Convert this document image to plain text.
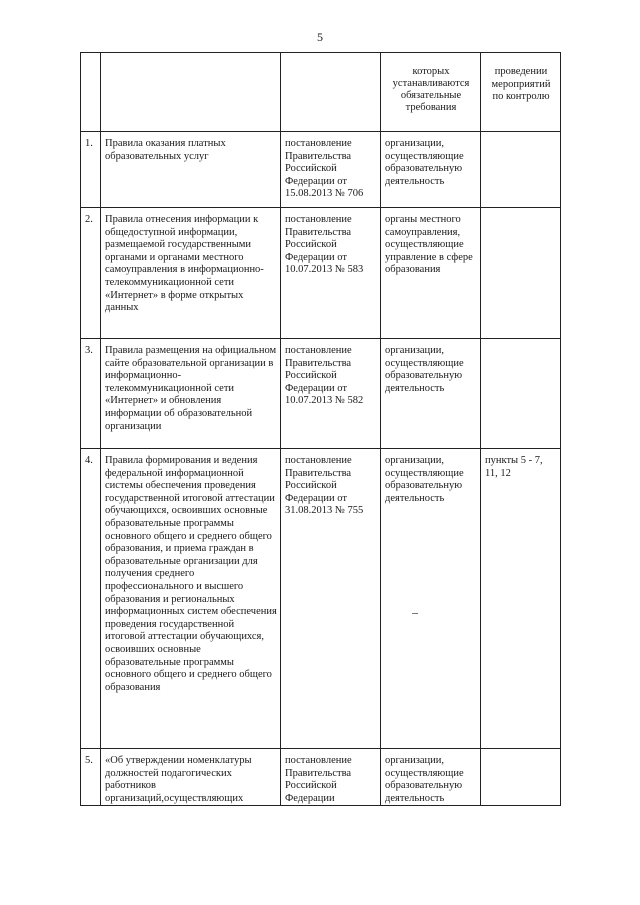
5
			которых устанавливаются обязательные требования	проведении мероприятий по контролю
1.	Правила оказания платных образовательных услуг	постановление Правительства Российской Федерации от 15.08.2013 № 706	организации, осуществляющие образовательную деятельность	
2.	Правила отнесения информации к общедоступной информации, размещаемой государственными органами и органами местного самоуправления в информационно-телекоммуникационной сети «Интернет» в форме открытых данных	постановление Правительства Российской Федерации от 10.07.2013 № 583	органы местного самоуправления, осуществляющие управление в сфере образования	
3.	Правила размещения на официальном сайте образовательной организации в информационно-телекоммуникационной сети «Интернет» и обновления информации об образовательной организации	постановление Правительства Российской Федерации от 10.07.2013 № 582	организации, осуществляющие образовательную деятельность	
4.	Правила формирования и ведения федеральной информационной системы обеспечения проведения государственной итоговой аттестации обучающихся, освоивших основные образовательные программы основного общего и среднего общего образования, и приема граждан в образовательные организации для получения среднего профессионального и высшего образования и региональных информационных систем обеспечения проведения государственной итоговой аттестации обучающихся, освоивших основные образовательные программы основного общего и среднего общего образования	постановление Правительства Российской Федерации от 31.08.2013 № 755	организации, осуществляющие образовательную деятельность	пункты 5 - 7, 11, 12
5.	«Об утверждении номенклатуры должностей подагогических работников организаций,осуществляющих	постановление Правительства Российской Федерации	организации, осуществляющие образовательную деятельность	
